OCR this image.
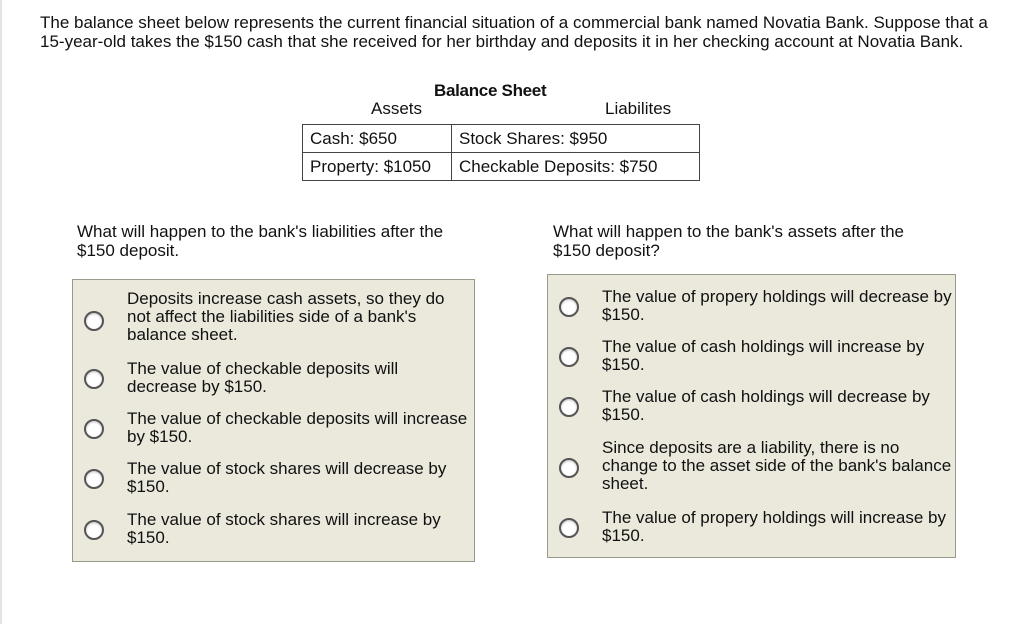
The balance sheet below represents the current financial situation of a commercial bank named Novatia Bank. Suppose that a 15-year-old takes the $150 cash that she received for her birthday and deposits it in her checking account at Novatia Bank.

Balance Sheet
Assets	Liabilites
Cash: $650	Stock Shares: $950
Property: $1050	Checkable Deposits: $750
What will happen to the bank's liabilities after the $150 deposit.
What will happen to the bank's assets after the $150 deposit?
Deposits increase cash assets, so they do not affect the liabilities side of a bank's balance sheet.
The value of checkable deposits will decrease by $150.
The value of checkable deposits will increase by $150.
The value of stock shares will decrease by $150.
The value of stock shares will increase by $150.
The value of propery holdings will decrease by $150.
The value of cash holdings will increase by $150.
The value of cash holdings will decrease by $150.
Since deposits are a liability, there is no change to the asset side of the bank's balance sheet.
The value of propery holdings will increase by $150.
